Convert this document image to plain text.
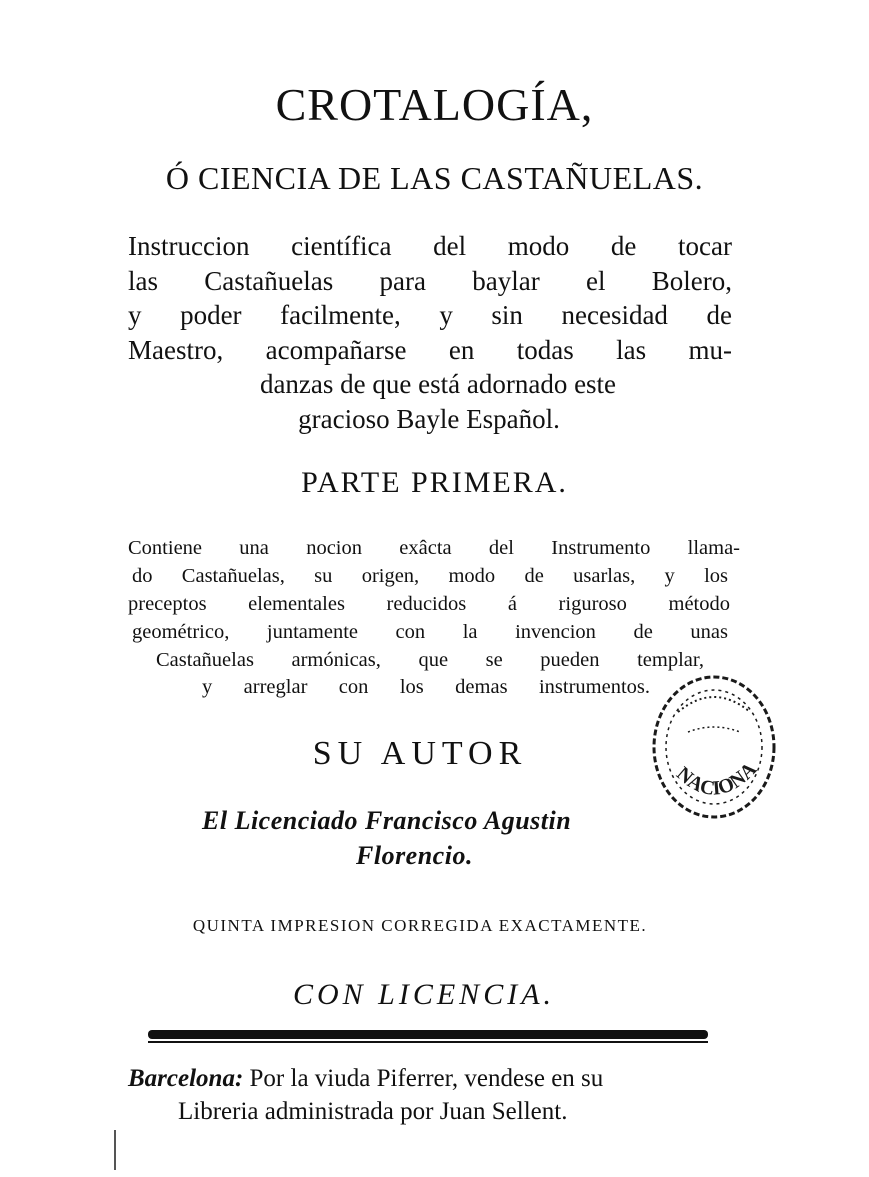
CROTALOGÍA,
Ó CIENCIA DE LAS CASTAÑUELAS.
Instruccion científica del modo de tocar
las Castañuelas para baylar el Bolero,
y poder facilmente, y sin necesidad de
Maestro, acompañarse en todas las mu-
danzas de que está adornado este
gracioso Bayle Español.
PARTE PRIMERA.
Contiene una nocion exâcta del Instrumento llama-
do Castañuelas, su origen, modo de usarlas, y los
preceptos elementales reducidos á riguroso método
geométrico, juntamente con la invencion de unas
Castañuelas armónicas, que se pueden templar,
y arreglar con los demas instrumentos.
NACIONA
SU AUTOR
El Licenciado Francisco Agustin
Florencio.
QUINTA IMPRESION CORREGIDA EXACTAMENTE.
CON LICENCIA.
Barcelona: Por la viuda Piferrer, vendese en su
Libreria administrada por Juan Sellent.
